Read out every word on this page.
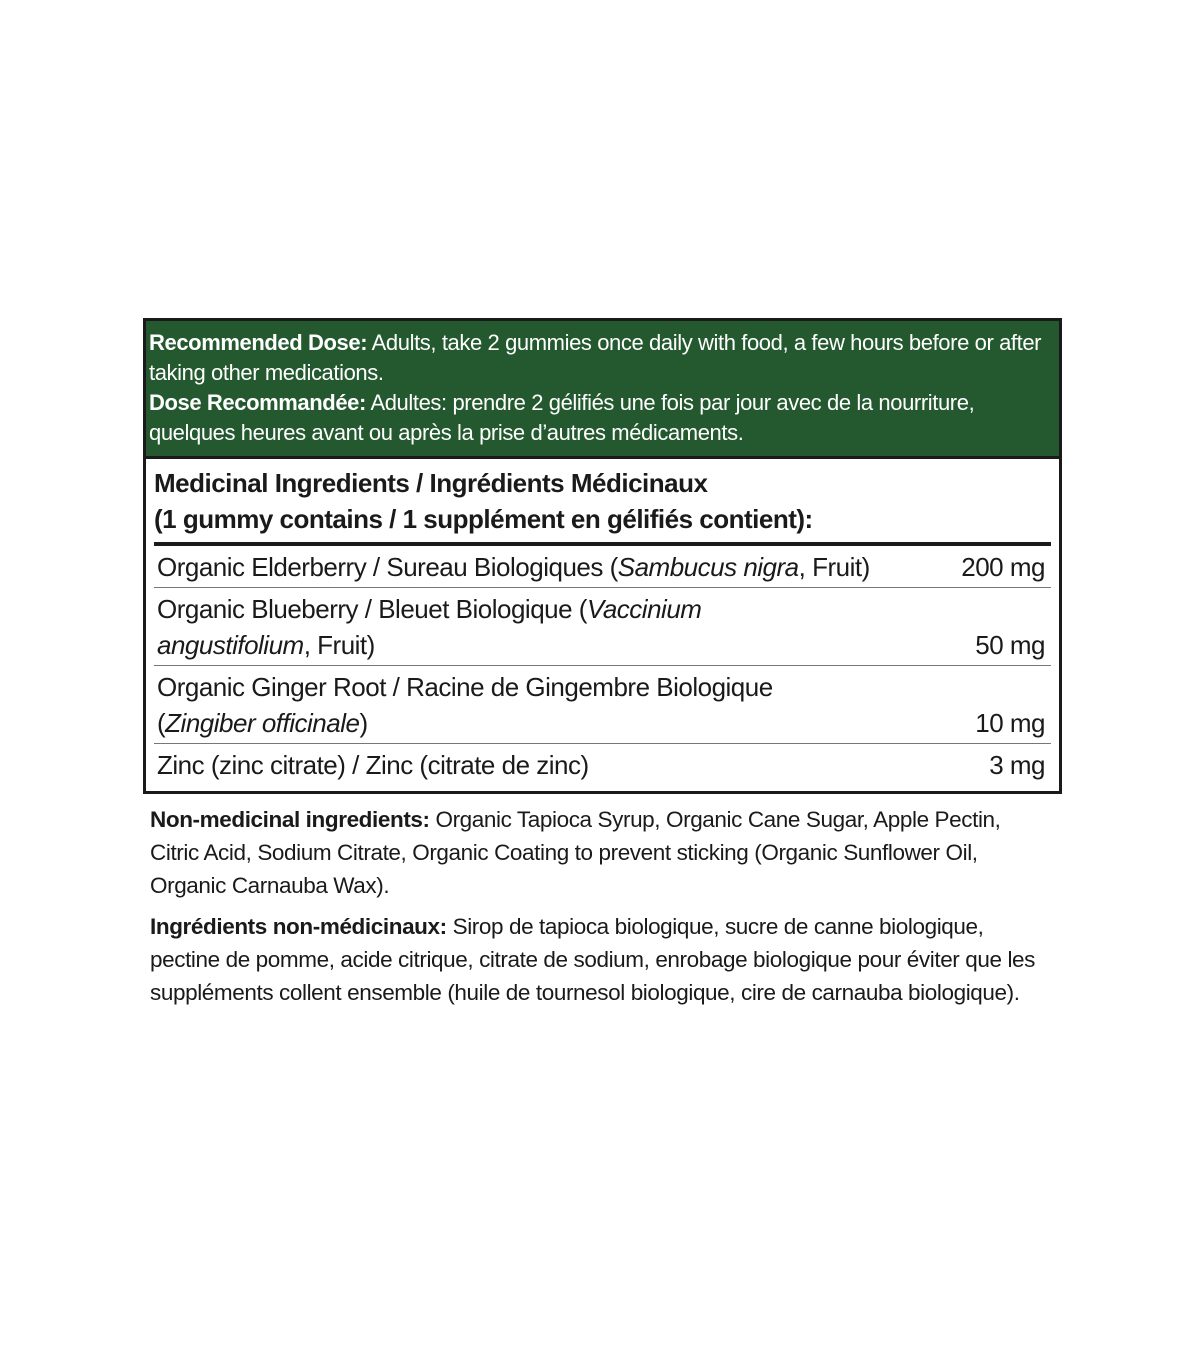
Recommended Dose: Adults, take 2 gummies once daily with food, a few hours before or after taking other medications.
Dose Recommandée: Adultes: prendre 2 gélifiés une fois par jour avec de la nourriture, quelques heures avant ou après la prise d’autres médicaments.
Medicinal Ingredients / Ingrédients Médicinaux
(1 gummy contains / 1 supplément en gélifiés contient):
Organic Elderberry / Sureau Biologiques (Sambucus nigra, Fruit)	200 mg
Organic Blueberry / Bleuet Biologique (Vaccinium angustifolium, Fruit)	50 mg
Organic Ginger Root / Racine de Gingembre Biologique (Zingiber officinale)	10 mg
Zinc (zinc citrate) / Zinc (citrate de zinc)	3 mg

Non-medicinal ingredients: Organic Tapioca Syrup, Organic Cane Sugar, Apple Pectin, Citric Acid, Sodium Citrate, Organic Coating to prevent sticking (Organic Sunflower Oil, Organic Carnauba Wax).

Ingrédients non-médicinaux: Sirop de tapioca biologique, sucre de canne biologique, pectine de pomme, acide citrique, citrate de sodium, enrobage biologique pour éviter que les suppléments collent ensemble (huile de tournesol biologique, cire de carnauba biologique).
